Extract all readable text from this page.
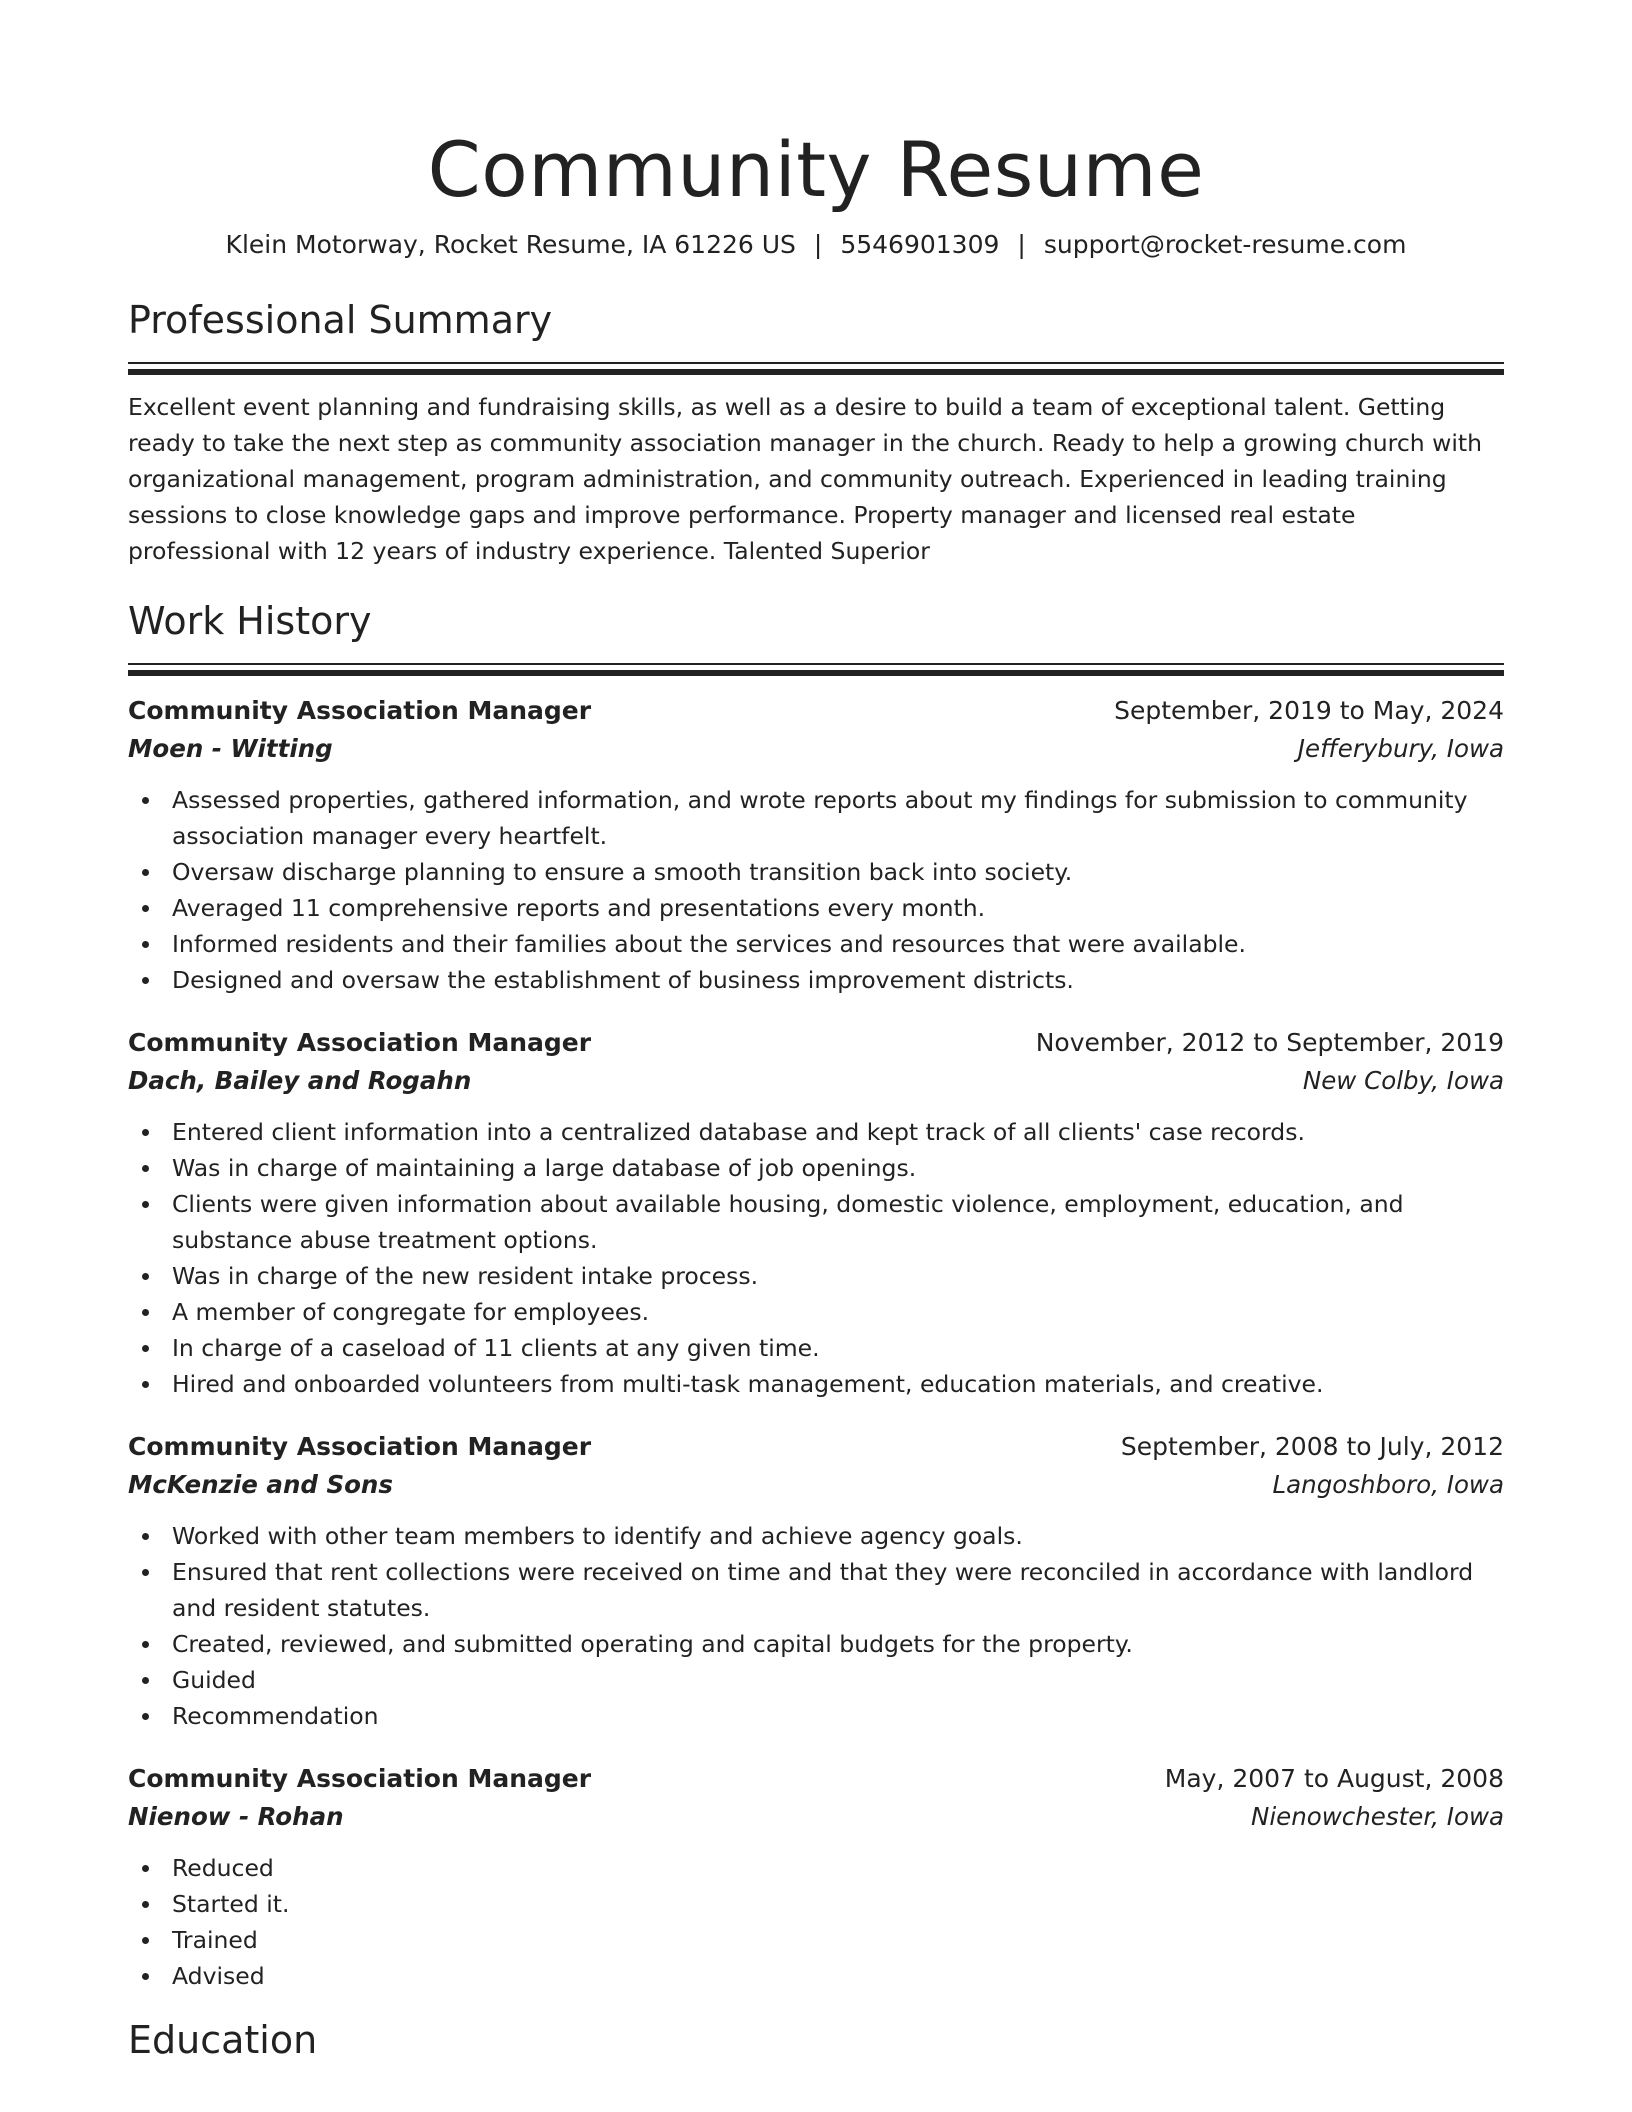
Community Resume
Klein Motorway, Rocket Resume, IA 61226 US | 5546901309 | support@rocket-resume.com
Professional Summary

Excellent event planning and fundraising skills, as well as a desire to build a team of exceptional talent. Getting ready to take the next step as community association manager in the church. Ready to help a growing church with organizational management, program administration, and community outreach. Experienced in leading training sessions to close knowledge gaps and improve performance. Property manager and licensed real estate professional with 12 years of industry experience. Talented Superior

Work History
Community Association Manager	September, 2019 to May, 2024
Moen - Witting	Jefferybury, Iowa
Assessed properties, gathered information, and wrote reports about my findings for submission to community association manager every heartfelt.
Oversaw discharge planning to ensure a smooth transition back into society.
Averaged 11 comprehensive reports and presentations every month.
Informed residents and their families about the services and resources that were available.
Designed and oversaw the establishment of business improvement districts.
Community Association Manager	November, 2012 to September, 2019
Dach, Bailey and Rogahn	New Colby, Iowa
Entered client information into a centralized database and kept track of all clients' case records.
Was in charge of maintaining a large database of job openings.
Clients were given information about available housing, domestic violence, employment, education, and substance abuse treatment options.
Was in charge of the new resident intake process.
A member of congregate for employees.
In charge of a caseload of 11 clients at any given time.
Hired and onboarded volunteers from multi-task management, education materials, and creative.
Community Association Manager	September, 2008 to July, 2012
McKenzie and Sons	Langoshboro, Iowa
Worked with other team members to identify and achieve agency goals.
Ensured that rent collections were received on time and that they were reconciled in accordance with landlord and resident statutes.
Created, reviewed, and submitted operating and capital budgets for the property.
Guided
Recommendation
Community Association Manager	May, 2007 to August, 2008
Nienow - Rohan	Nienowchester, Iowa
Reduced
Started it.
Trained
Advised
Education
